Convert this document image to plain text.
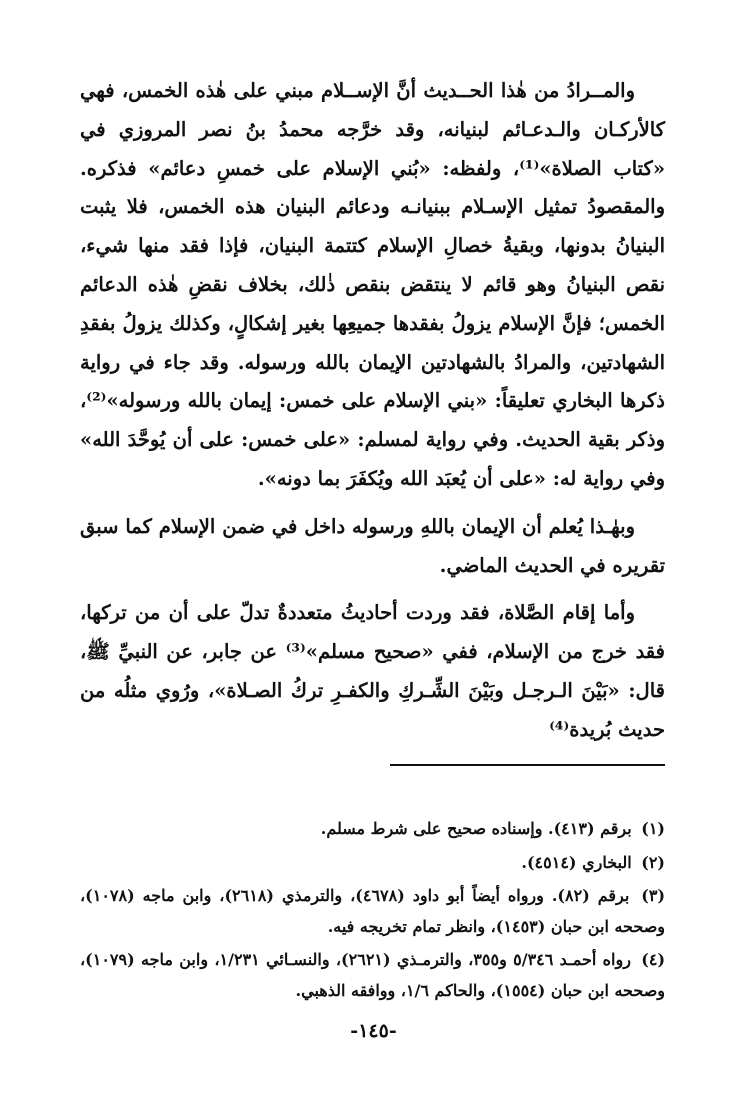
والمــرادُ من هٰذا الحــديث أنَّ الإســلام مبني على هٰذه الخمس، فهي كالأركـان والـدعـائم لبنيانه، وقد خرَّجه محمدُ بنُ نصر المروزي في «كتاب الصلاة»⁽¹⁾، ولفظه: «بُني الإسلام على خمسِ دعائم» فذكره. والمقصودُ تمثيل الإسـلام ببنيانـه ودعائم البنيان هذه الخمس، فلا يثبت البنيانُ بدونها، وبقيةُ خصالِ الإسلام كتتمة البنيان، فإذا فقد منها شيء، نقص البنيانُ وهو قائم لا ينتقض بنقص ذٰلك، بخلاف نقضِ هٰذه الدعائم الخمس؛ فإنَّ الإسلام يزولُ بفقدها جميعِها بغير إشكالٍ، وكذلك يزولُ بفقدِ الشهادتين، والمرادُ بالشهادتين الإيمان بالله ورسوله. وقد جاء في رواية ذكرها البخاري تعليقاً: «بني الإسلام على خمس: إيمان بالله ورسوله»⁽²⁾، وذكر بقية الحديث. وفي رواية لمسلم: «على خمس: على أن يُوحَّدَ الله» وفي رواية له: «على أن يُعبَد الله ويُكفَرَ بما دونه».

وبهٰـذا يُعلم أن الإيمان باللهِ ورسوله داخل في ضمن الإسلام كما سبق تقريره في الحديث الماضي.

وأما إقام الصَّلاة، فقد وردت أحاديثُ متعددةٌ تدلّ على أن من تركها، فقد خرج من الإسلام، ففي «صحيح مسلم»⁽³⁾ عن جابر، عن النبيِّ ﷺ، قال: «بَيْنَ الـرجـل وبَيْنَ الشِّـركِ والكفـرِ تركُ الصـلاة»، ورُوي مثلُه من حديث بُريدة⁽⁴⁾

(١) برقم (٤١٣). وإسناده صحيح على شرط مسلم.

(٢) البخاري (٤٥١٤).

(٣) برقم (٨٢). ورواه أيضاً أبو داود (٤٦٧٨)، والترمذي (٢٦١٨)، وابن ماجه (١٠٧٨)، وصححه ابن حبان (١٤٥٣)، وانظر تمام تخريجه فيه.

(٤) رواه أحمـد ٥/٣٤٦ و٣٥٥، والترمـذي (٢٦٢١)، والنسـائي ١/٢٣١، وابن ماجه (١٠٧٩)، وصححه ابن حبان (١٥٥٤)، والحاكم ١/٦، ووافقه الذهبي.

-١٤٥-
